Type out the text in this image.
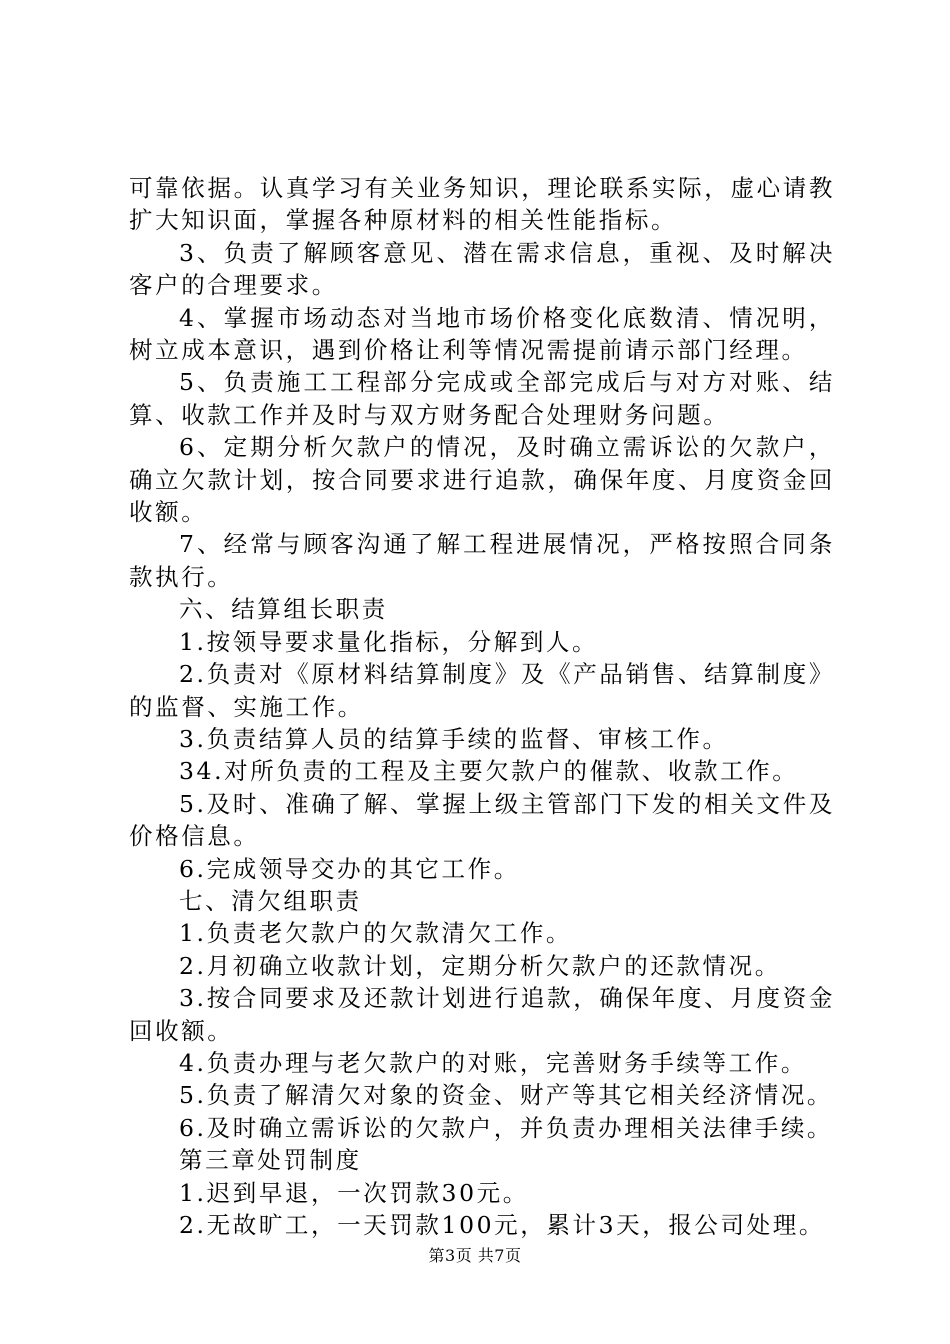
可靠依据。认真学习有关业务知识，理论联系实际，虚心请教扩大知识面，掌握各种原材料的相关性能指标。

3、负责了解顾客意见、潜在需求信息，重视、及时解决客户的合理要求。

4、掌握市场动态对当地市场价格变化底数清、情况明，树立成本意识，遇到价格让利等情况需提前请示部门经理。

5、负责施工工程部分完成或全部完成后与对方对账、结算、收款工作并及时与双方财务配合处理财务问题。

6、定期分析欠款户的情况，及时确立需诉讼的欠款户，确立欠款计划，按合同要求进行追款，确保年度、月度资金回收额。

7、经常与顾客沟通了解工程进展情况，严格按照合同条款执行。

六、结算组长职责

1.按领导要求量化指标，分解到人。

2.负责对《原材料结算制度》及《产品销售、结算制度》的监督、实施工作。

3.负责结算人员的结算手续的监督、审核工作。

34.对所负责的工程及主要欠款户的催款、收款工作。

5.及时、准确了解、掌握上级主管部门下发的相关文件及价格信息。

6.完成领导交办的其它工作。

七、清欠组职责

1.负责老欠款户的欠款清欠工作。

2.月初确立收款计划，定期分析欠款户的还款情况。

3.按合同要求及还款计划进行追款，确保年度、月度资金回收额。

4.负责办理与老欠款户的对账，完善财务手续等工作。

5.负责了解清欠对象的资金、财产等其它相关经济情况。

6.及时确立需诉讼的欠款户，并负责办理相关法律手续。

第三章处罚制度

1.迟到早退，一次罚款30元。

2.无故旷工，一天罚款100元，累计3天，报公司处理。

第3页 共7页
